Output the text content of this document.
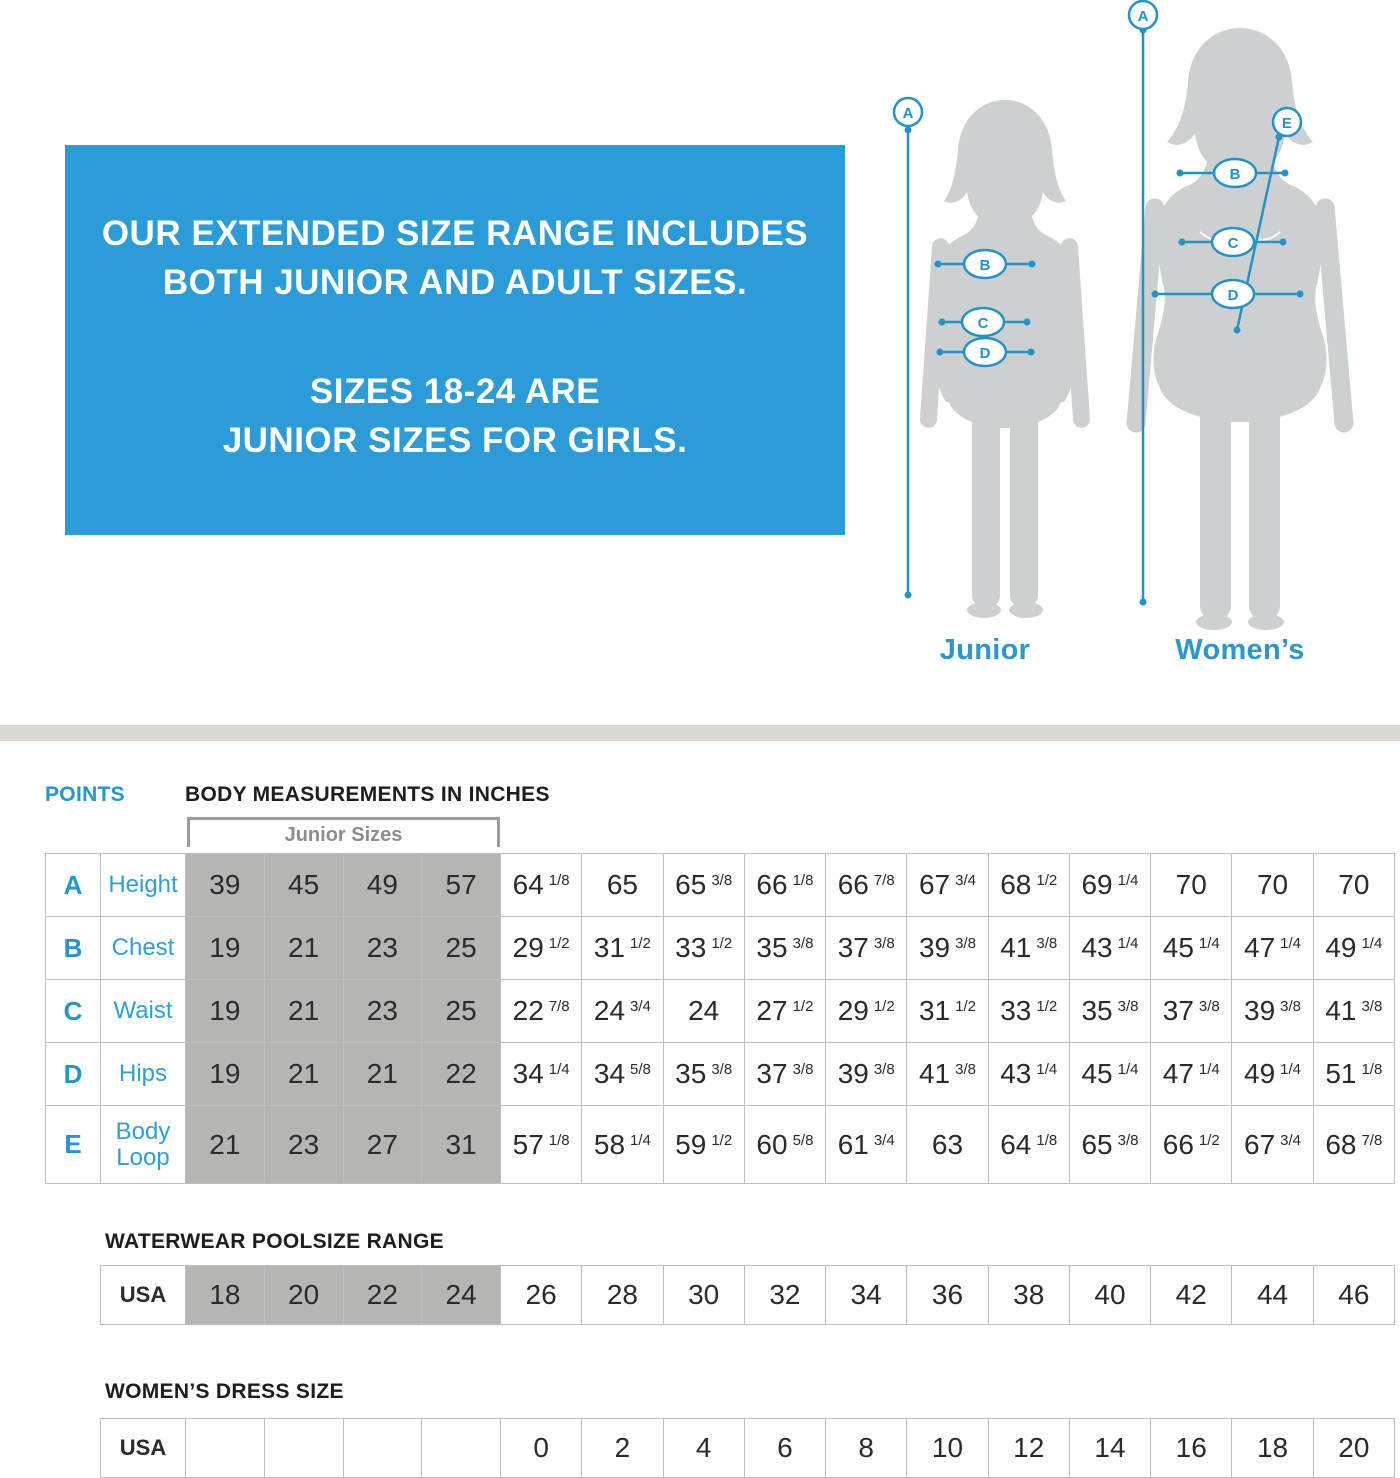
OUR EXTENDED SIZE RANGE INCLUDES
BOTH JUNIOR AND ADULT SIZES.
SIZES 18-24 ARE
JUNIOR SIZES FOR GIRLS.
A
B
C
D
A
E
B
C
D
Junior	Women’s
POINTS	BODY MEASUREMENTS IN INCHES
Junior Sizes
A	Height	39	45	49	57	64 $^{1/8}$	65	65 $^{3/8}$	66 $^{1/8}$	66 $^{7/8}$	67 $^{3/4}$	68 $^{1/2}$	69 $^{1/4}$	70	70	70
B	Chest	19	21	23	25	29 $^{1/2}$	31 $^{1/2}$	33 $^{1/2}$	35 $^{3/8}$	37 $^{3/8}$	39 $^{3/8}$	41 $^{3/8}$	43 $^{1/4}$	45 $^{1/4}$	47 $^{1/4}$	49 $^{1/4}$
C	Waist	19	21	23	25	22 $^{7/8}$	24 $^{3/4}$	24	27 $^{1/2}$	29 $^{1/2}$	31 $^{1/2}$	33 $^{1/2}$	35 $^{3/8}$	37 $^{3/8}$	39 $^{3/8}$	41 $^{3/8}$
D	Hips	19	21	21	22	34 $^{1/4}$	34 $^{5/8}$	35 $^{3/8}$	37 $^{3/8}$	39 $^{3/8}$	41 $^{3/8}$	43 $^{1/4}$	45 $^{1/4}$	47 $^{1/4}$	49 $^{1/4}$	51 $^{1/8}$
E	Body Loop	21	23	27	31	57 $^{1/8}$	58 $^{1/4}$	59 $^{1/2}$	60 $^{5/8}$	61 $^{3/4}$	63	64 $^{1/8}$	65 $^{3/8}$	66 $^{1/2}$	67 $^{3/4}$	68 $^{7/8}$
WATERWEAR POOLSIZE RANGE
USA	18	20	22	24	26	28	30	32	34	36	38	40	42	44	46
WOMEN’S DRESS SIZE
USA					0	2	4	6	8	10	12	14	16	18	20
